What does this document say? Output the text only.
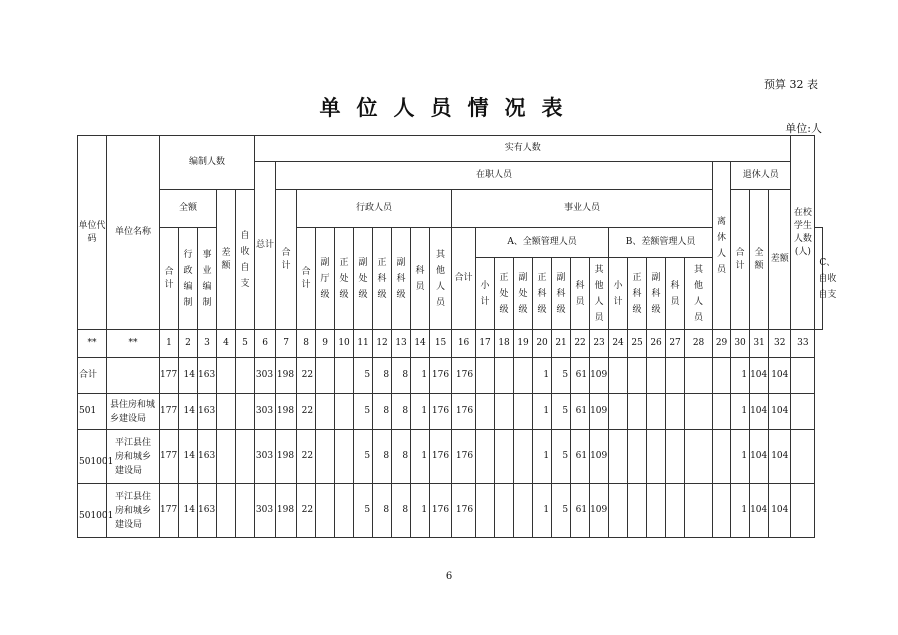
预算 32 表
单位人员情况表
单位:人
单位代码	单位名称	编制人数					实有人数																											在校学生人数(人)	
							总计	在职人员																						离休人员	退休人员				
		全额			差额	自收自支		合计	行政人员								事业人员														合计	全额	差额		
		合计	行政编制	事业编制					合计	副厅级	正处级	副处级	正科级	副科级	科员	其他人员	合计	A、全额管理人员							B、差额管理人员										C、自收自支
																		小计	正处级	副处级	正科级	副科级	科员	其他人员	小计	正科级	副科级	科员	其他人员						
**	**	1	2	3	4	5	6	7	8	9	10	11	12	13	14	15	16	17	18	19	20	21	22	23	24	25	26	27	28	29	30	31	32	33	
合计		177	14	163			303	198	22			5	8	8	1	176	176				1	5	61	109							1	104	104		
501	县住房和城乡建设局	177	14	163			303	198	22			5	8	8	1	176	176				1	5	61	109							1	104	104		
501001	平江县住房和城乡建设局	177	14	163			303	198	22			5	8	8	1	176	176				1	5	61	109							1	104	104		
501001	平江县住房和城乡建设局	177	14	163			303	198	22			5	8	8	1	176	176				1	5	61	109							1	104	104		
6
